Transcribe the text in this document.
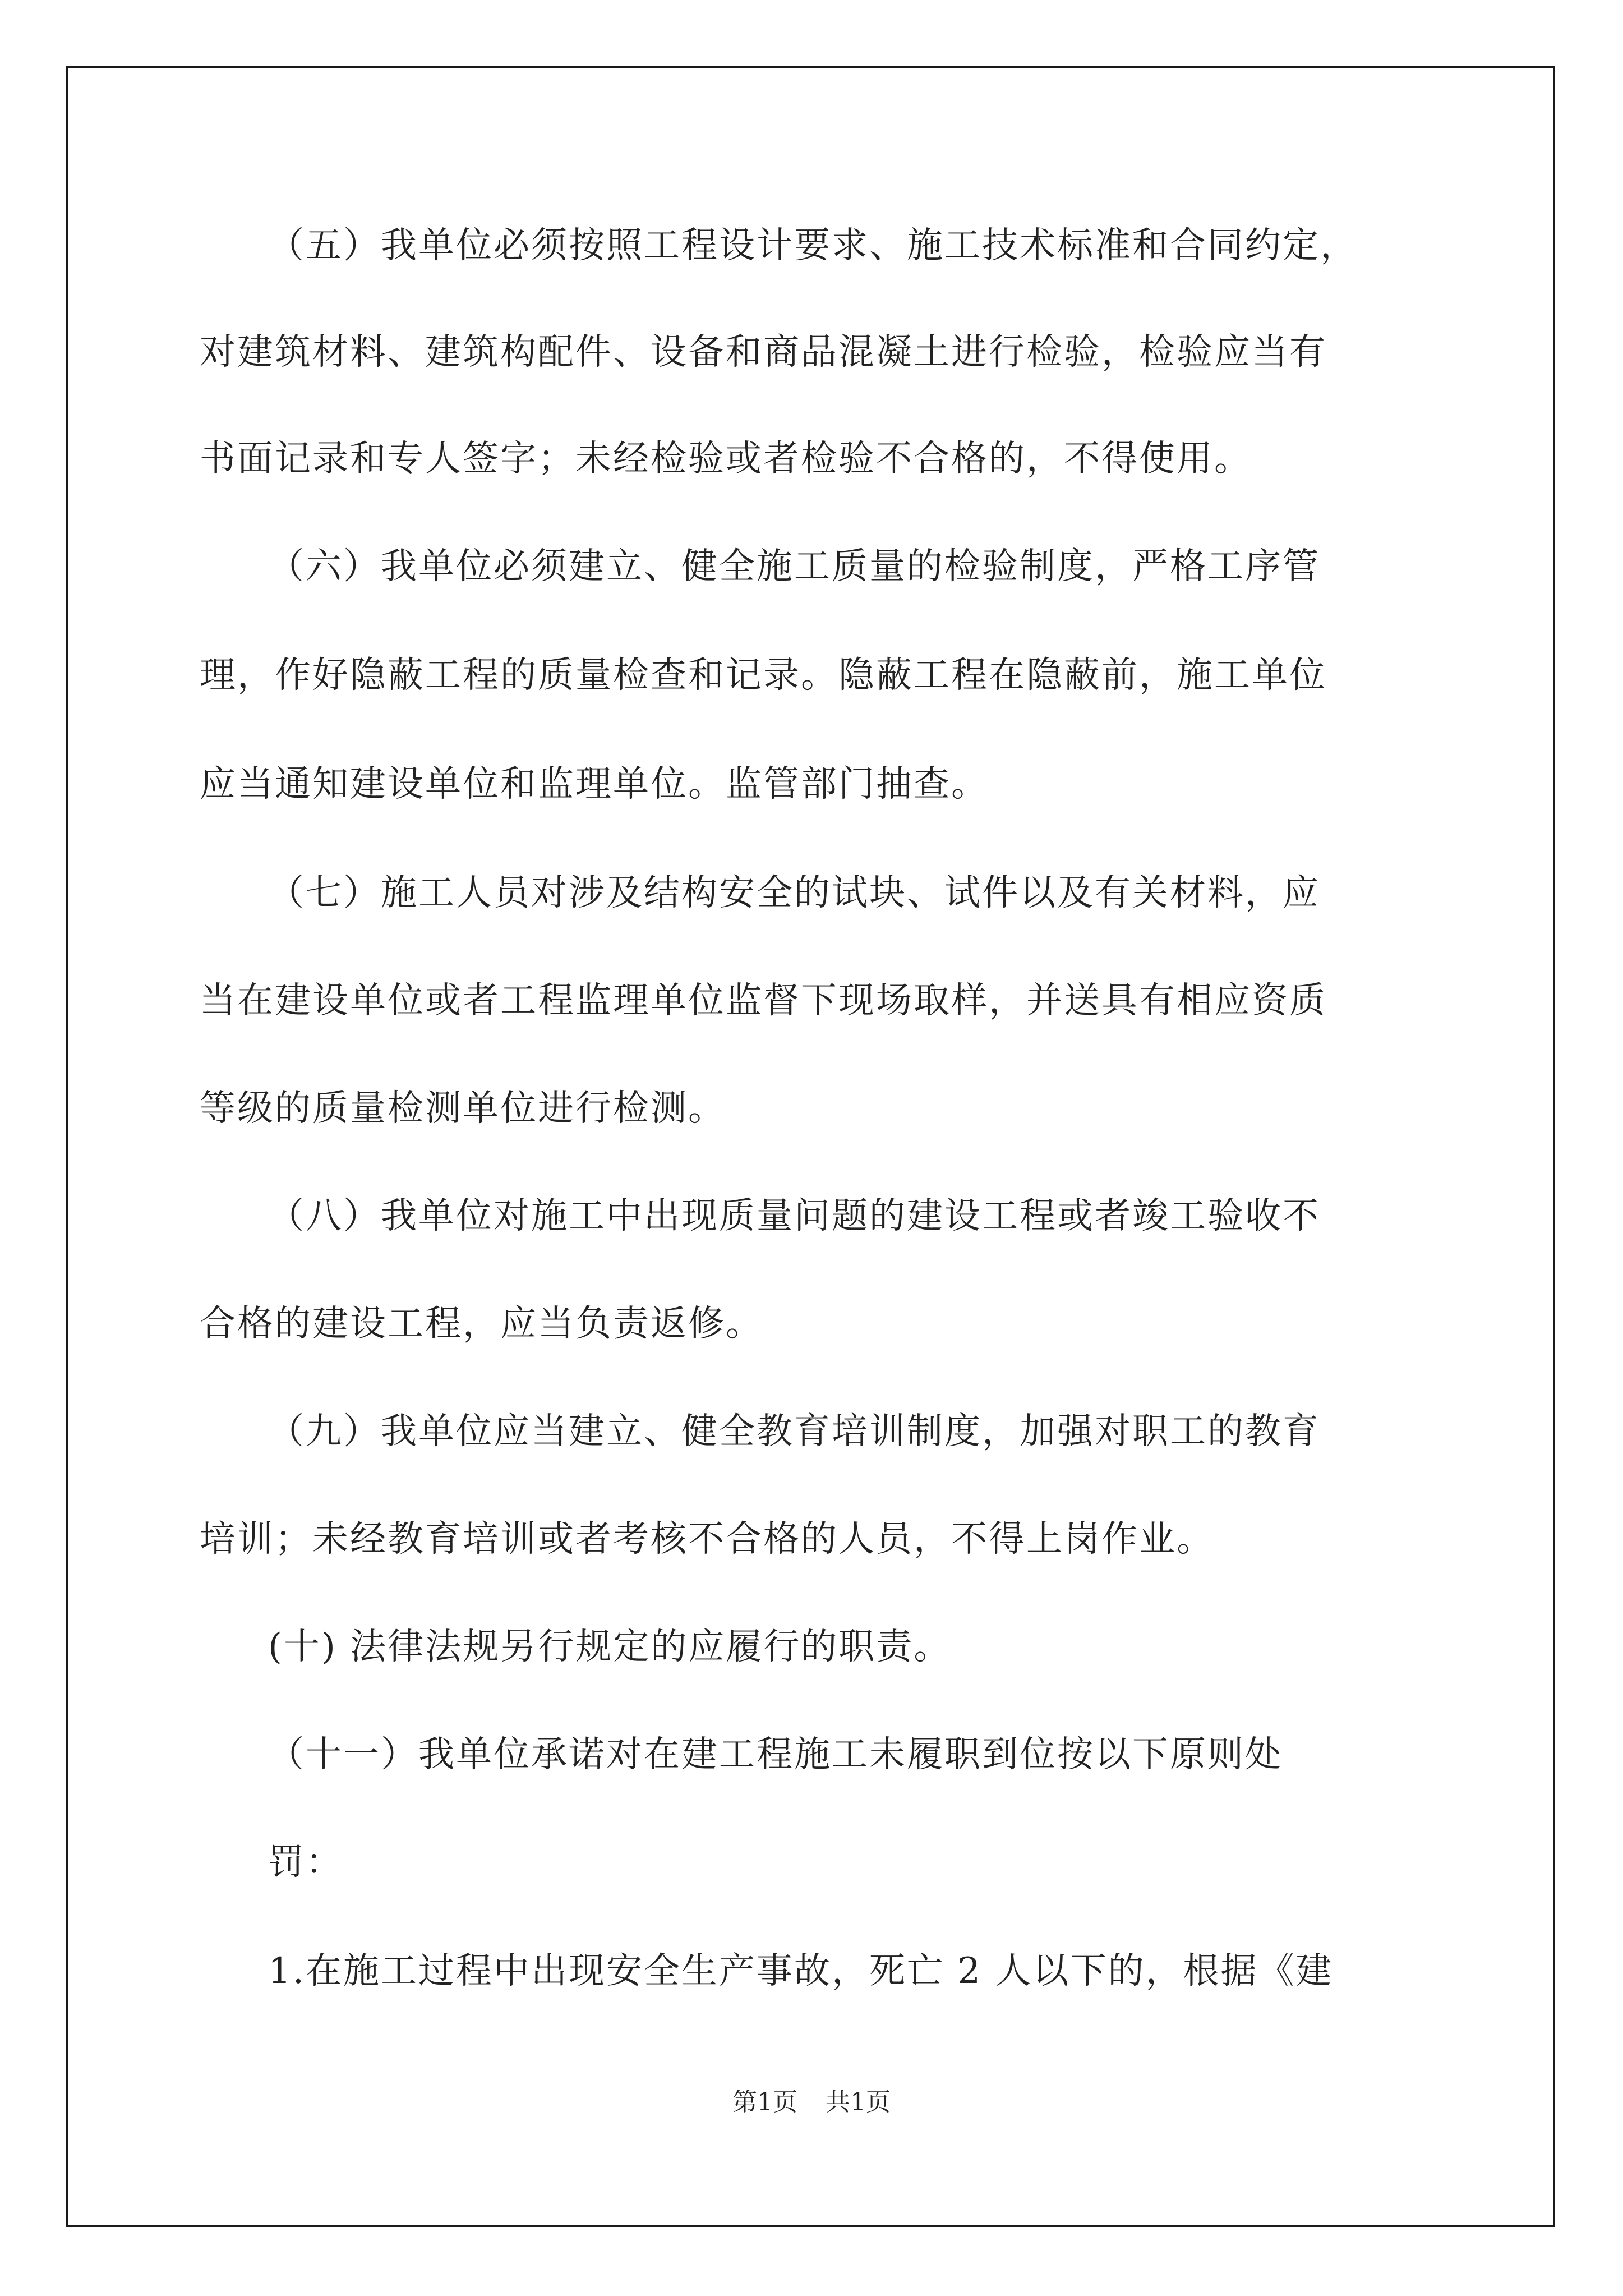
（五）我单位必须按照工程设计要求、施工技术标准和合同约定，
对建筑材料、建筑构配件、设备和商品混凝土进行检验，检验应当有
书面记录和专人签字；未经检验或者检验不合格的，不得使用。
（六）我单位必须建立、健全施工质量的检验制度，严格工序管
理，作好隐蔽工程的质量检查和记录。隐蔽工程在隐蔽前，施工单位
应当通知建设单位和监理单位。监管部门抽查。
（七）施工人员对涉及结构安全的试块、试件以及有关材料，应
当在建设单位或者工程监理单位监督下现场取样，并送具有相应资质
等级的质量检测单位进行检测。
（八）我单位对施工中出现质量问题的建设工程或者竣工验收不
合格的建设工程，应当负责返修。
（九）我单位应当建立、健全教育培训制度，加强对职工的教育
培训；未经教育培训或者考核不合格的人员，不得上岗作业。
(十) 法律法规另行规定的应履行的职责。
（十一）我单位承诺对在建工程施工未履职到位按以下原则处
罚：
1.在施工过程中出现安全生产事故，死亡 2 人以下的，根据《建
第1页 共1页
